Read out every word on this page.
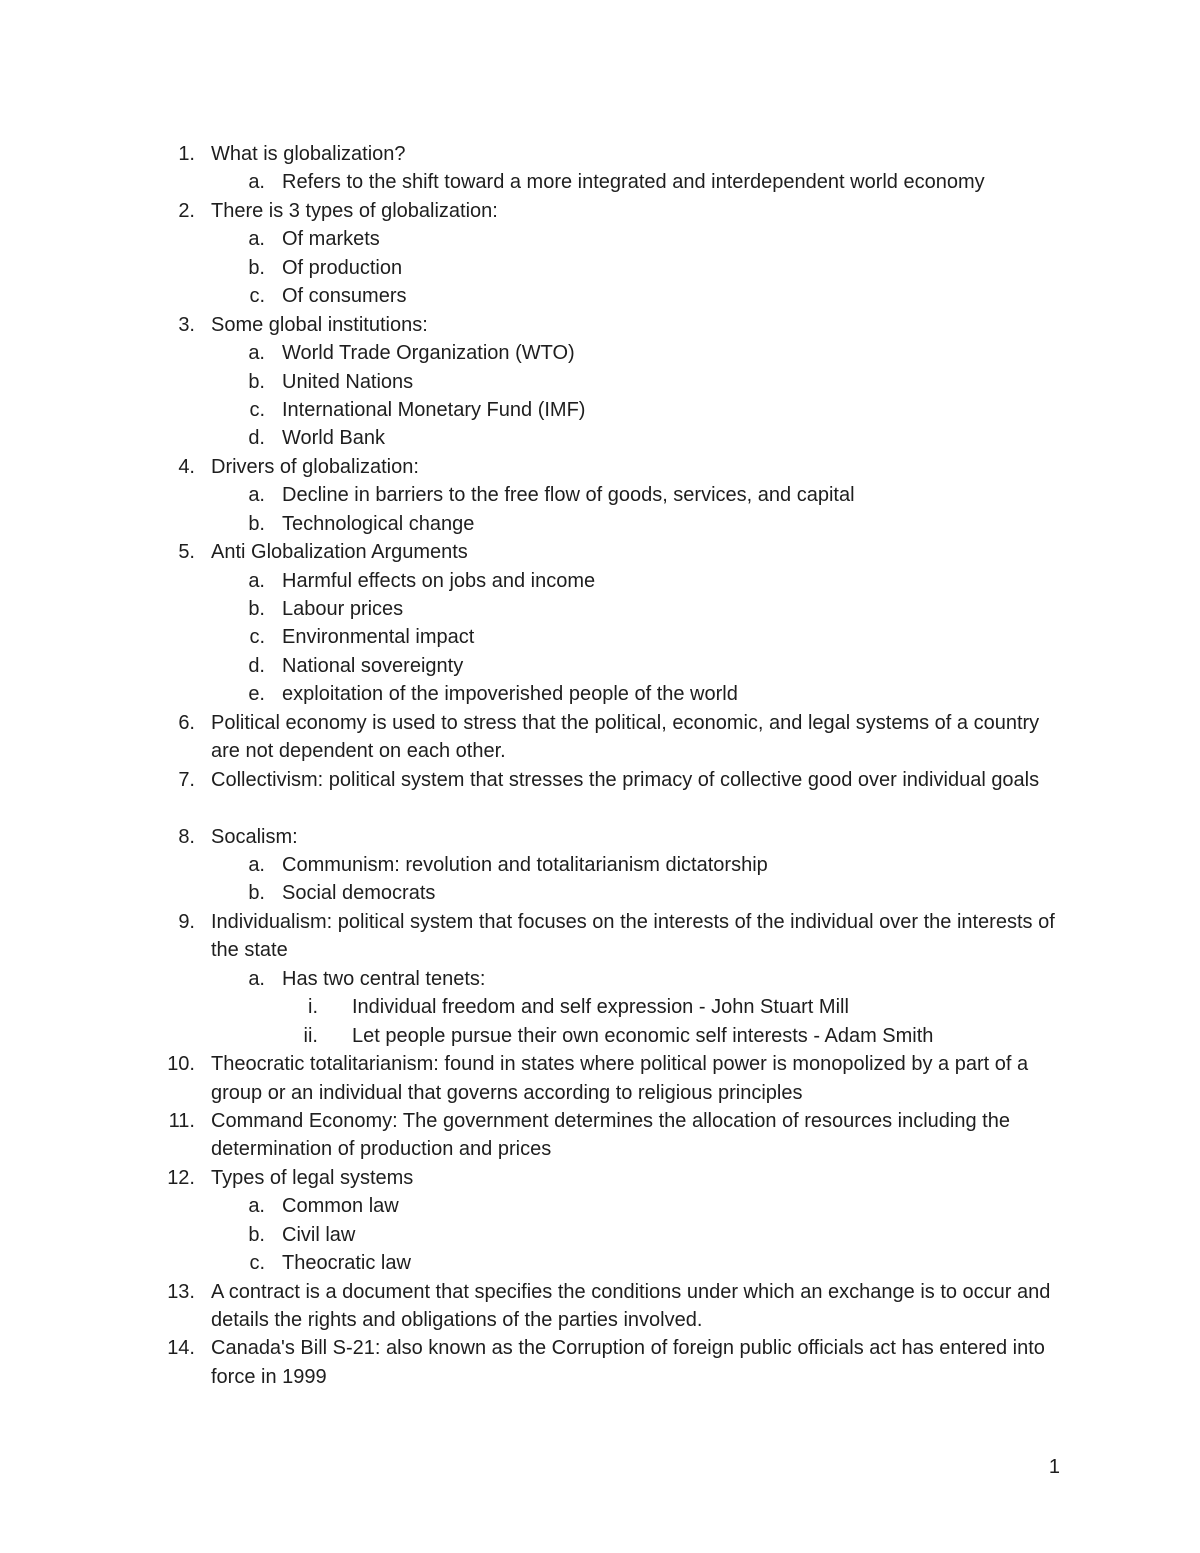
1. What is globalization?
a. Refers to the shift toward a more integrated and interdependent world economy
2. There is 3 types of globalization:
a. Of markets
b. Of production
c. Of consumers
3. Some global institutions:
a. World Trade Organization (WTO)
b. United Nations
c. International Monetary Fund (IMF)
d. World Bank
4. Drivers of globalization:
a. Decline in barriers to the free flow of goods, services, and capital
b. Technological change
5. Anti Globalization Arguments
a. Harmful effects on jobs and income
b. Labour prices
c. Environmental impact
d. National sovereignty
e. exploitation of the impoverished people of the world
6. Political economy is used to stress that the political, economic, and legal systems of a country are not dependent on each other.
7. Collectivism: political system that stresses the primacy of collective good over individual goals
8. Socalism:
a. Communism: revolution and totalitarianism dictatorship
b. Social democrats
9. Individualism: political system that focuses on the interests of the individual over the interests of the state
a. Has two central tenets:
i. Individual freedom and self expression - John Stuart Mill
ii. Let people pursue their own economic self interests - Adam Smith
10. Theocratic totalitarianism: found in states where political power is monopolized by a part of a group or an individual that governs according to religious principles
11. Command Economy: The government determines the allocation of resources including the determination of production and prices
12. Types of legal systems
a. Common law
b. Civil law
c. Theocratic law
13. A contract is a document that specifies the conditions under which an exchange is to occur and details the rights and obligations of the parties involved.
14. Canada's Bill S-21: also known as the Corruption of foreign public officials act has entered into force in 1999
1
